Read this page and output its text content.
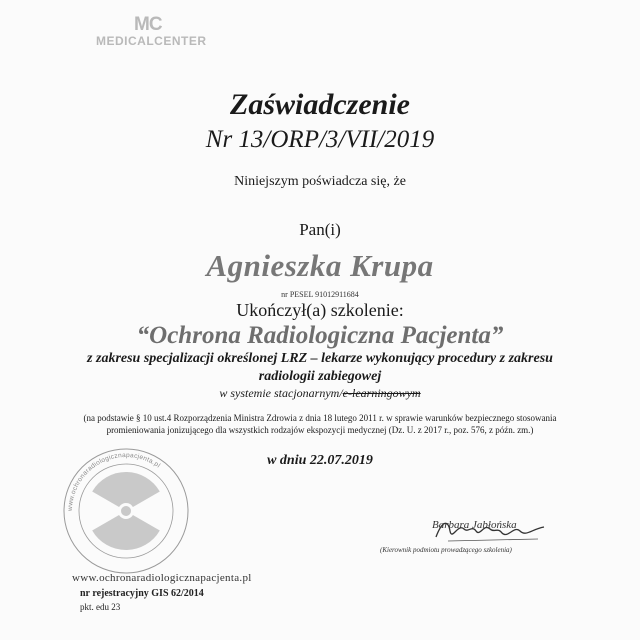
MC
MEDICALCENTER
Zaświadczenie
Nr 13/ORP/3/VII/2019
Niniejszym poświadcza się, że
Pan(i)
Agnieszka Krupa
nr PESEL 91012911684
Ukończył(a) szkolenie:
“Ochrona Radiologiczna Pacjenta”
z zakresu specjalizacji określonej LRZ – lekarze wykonujący procedury z zakresu radiologii zabiegowej
w systemie stacjonarnym/e-learningowym
(na podstawie § 10 ust.4 Rozporządzenia Ministra Zdrowia z dnia 18 lutego 2011 r. w sprawie warunków bezpiecznego stosowania promieniowania jonizującego dla wszystkich rodzajów ekspozycji medycznej (Dz. U. z 2017 r., poz. 576, z późn. zm.)
w dniu 22.07.2019
www.ochronaradiologicznapacjenta.pl
www.ochronaradiologicznapacjenta.pl
nr rejestracyjny GIS 62/2014
pkt. edu 23
Barbara Jabłońska
(Kierownik podmiotu prowadzącego szkolenia)
